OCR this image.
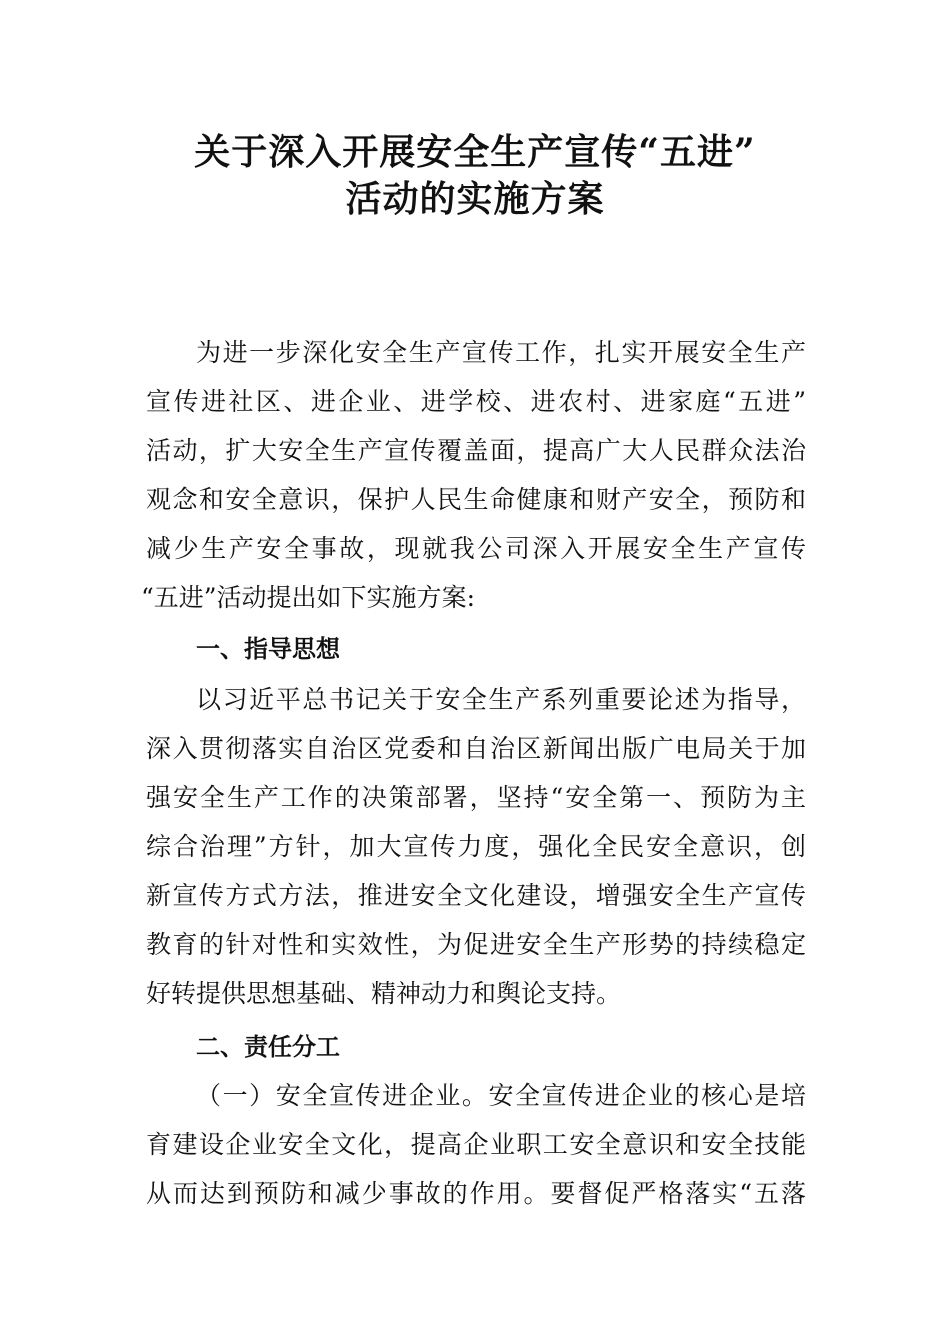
关于深入开展安全生产宣传“五进”
活动的实施方案
为进一步深化安全生产宣传工作，扎实开展安全生产
宣传进社区、进企业、进学校、进农村、进家庭“五进”
活动，扩大安全生产宣传覆盖面，提高广大人民群众法治
观念和安全意识，保护人民生命健康和财产安全，预防和
减少生产安全事故，现就我公司深入开展安全生产宣传
“五进”活动提出如下实施方案:
一、指导思想
以习近平总书记关于安全生产系列重要论述为指导，
深入贯彻落实自治区党委和自治区新闻出版广电局关于加
强安全生产工作的决策部署，坚持“安全第一、预防为主
综合治理”方针，加大宣传力度，强化全民安全意识，创
新宣传方式方法，推进安全文化建设，增强安全生产宣传
教育的针对性和实效性，为促进安全生产形势的持续稳定
好转提供思想基础、精神动力和舆论支持。
二、责任分工
（一）安全宣传进企业。安全宣传进企业的核心是培
育建设企业安全文化，提高企业职工安全意识和安全技能
从而达到预防和减少事故的作用。要督促严格落实“五落
